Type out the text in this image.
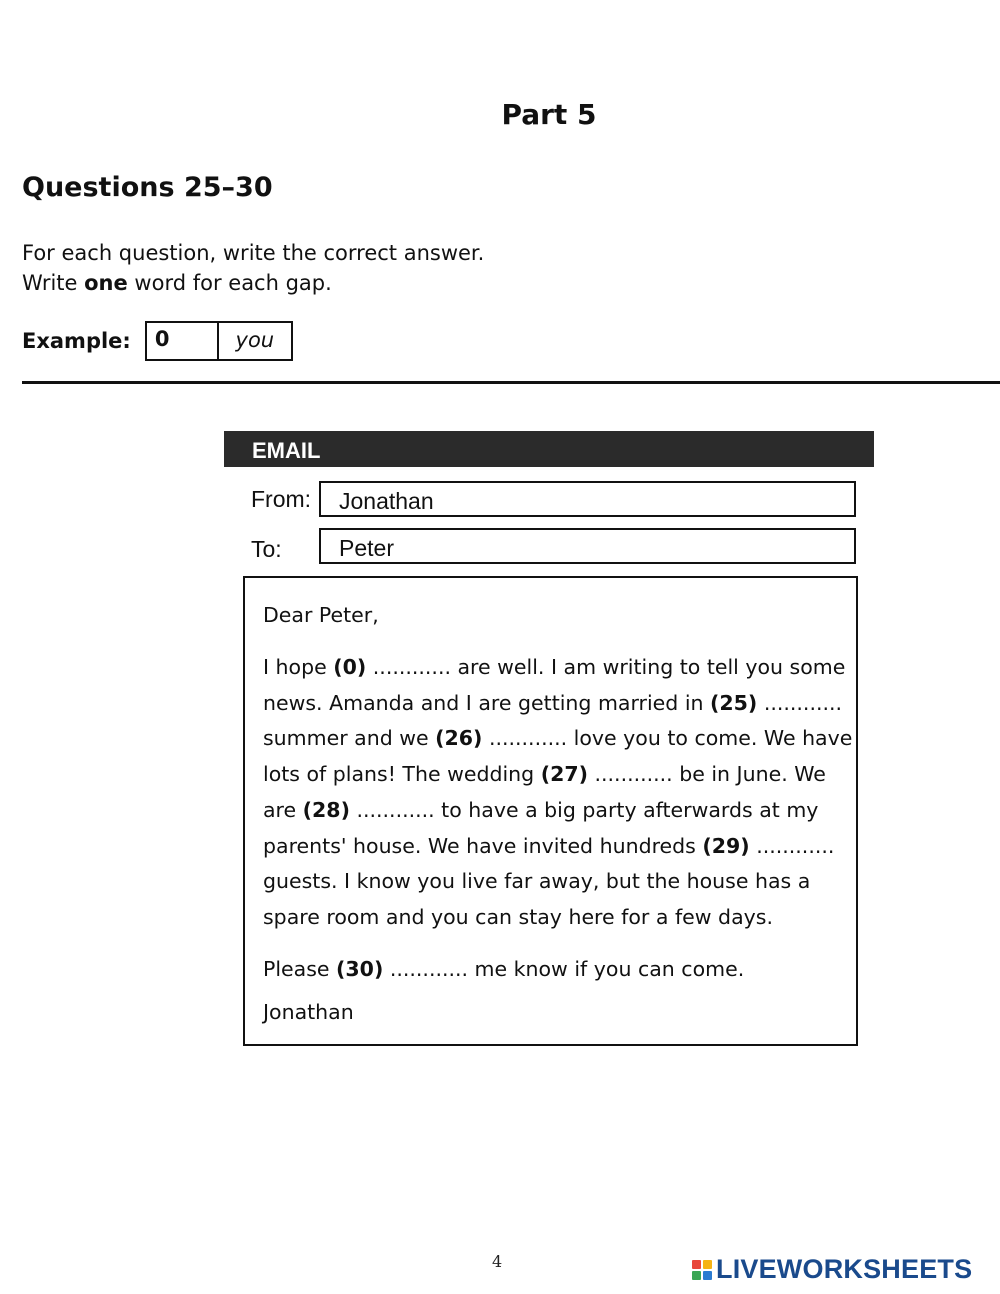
Part 5
Questions 25–30
For each question, write the correct answer.
Write one word for each gap.
Example:	0	you
EMAIL
From:	Jonathan
To:	Peter
Dear Peter,
I hope (0) ............ are well. I am writing to tell you some
news. Amanda and I are getting married in (25) ............
summer and we (26) ............ love you to come. We have
lots of plans! The wedding (27) ............ be in June. We
are (28) ............ to have a big party afterwards at my
parents' house. We have invited hundreds (29) ............
guests. I know you live far away, but the house has a
spare room and you can stay here for a few days.
Please (30) ............ me know if you can come.
Jonathan
4	LIVEWORKSHEETS
